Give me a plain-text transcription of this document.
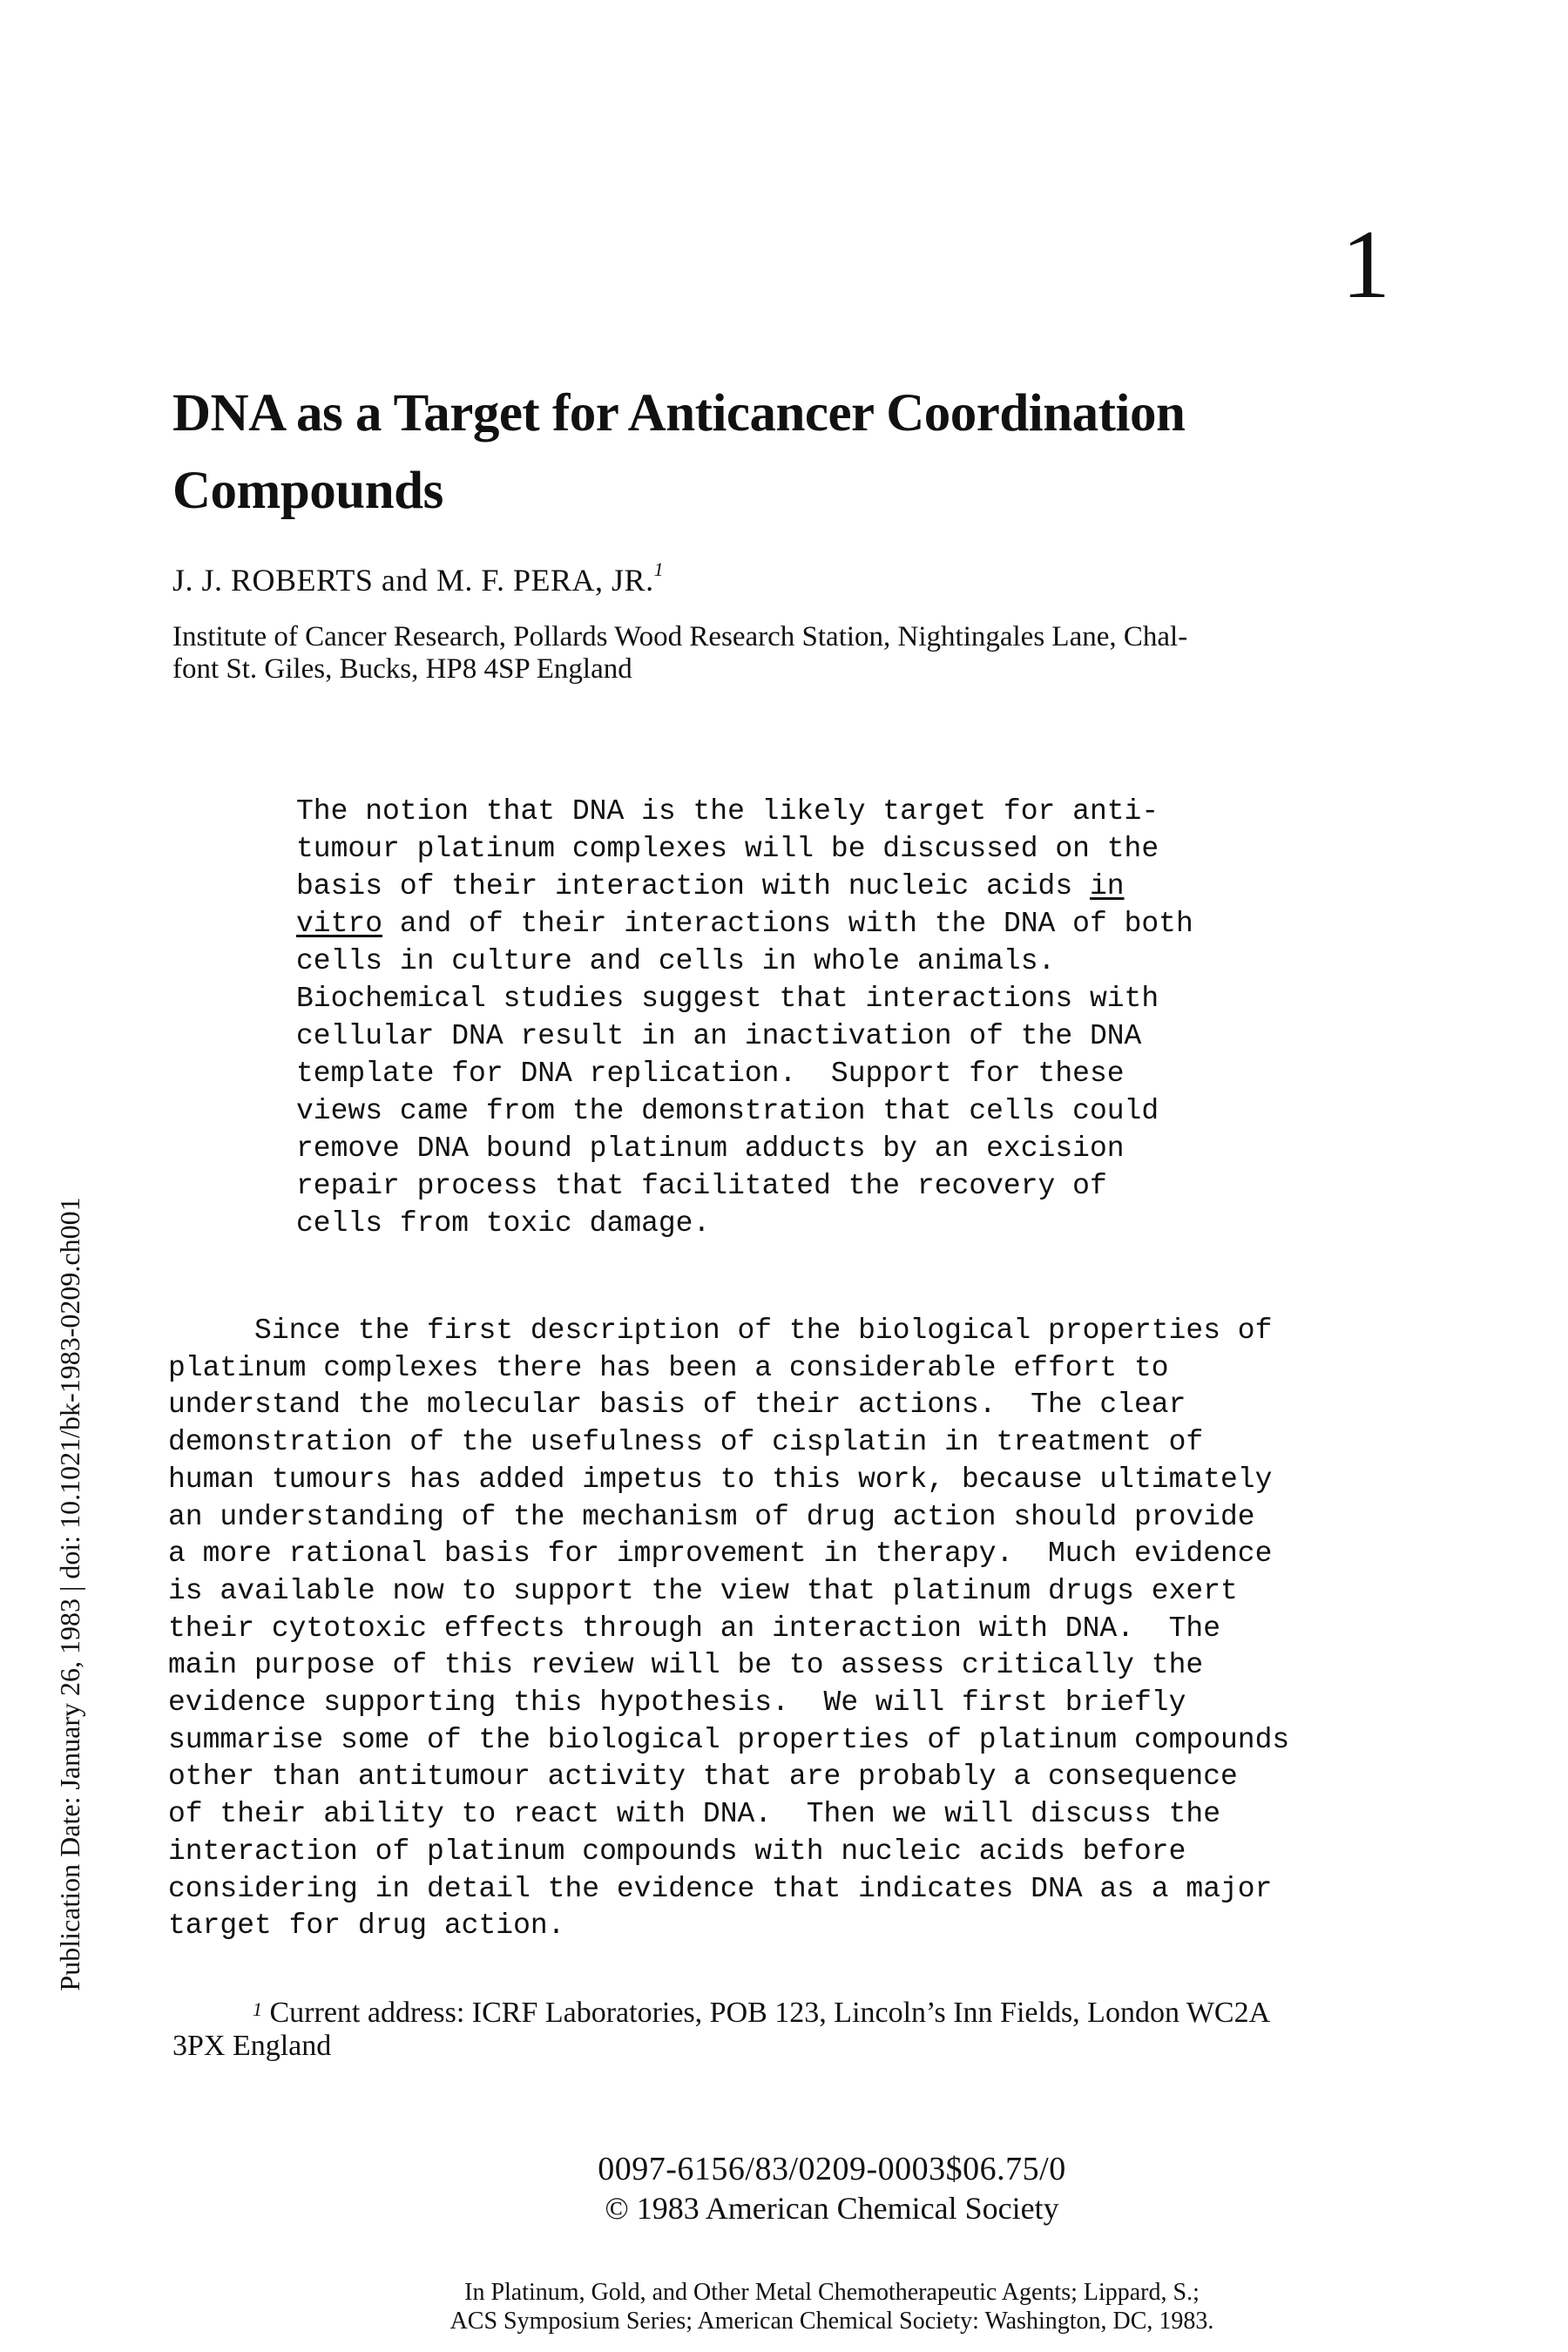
1
DNA as a Target for Anticancer Coordination
Compounds
J. J. ROBERTS and M. F. PERA, JR.$^1$
Institute of Cancer Research, Pollards Wood Research Station, Nightingales Lane, Chal-
font St. Giles, Bucks, HP8 4SP England
Publication Date: January 26, 1983 | doi: 10.1021/bk-1983-0209.ch001
The notion that DNA is the likely target for anti-
tumour platinum complexes will be discussed on the
basis of their interaction with nucleic acids in
vitro and of their interactions with the DNA of both
cells in culture and cells in whole animals.
Biochemical studies suggest that interactions with
cellular DNA result in an inactivation of the DNA
template for DNA replication.  Support for these
views came from the demonstration that cells could
remove DNA bound platinum adducts by an excision
repair process that facilitated the recovery of
cells from toxic damage.
Since the first description of the biological properties of
platinum complexes there has been a considerable effort to
understand the molecular basis of their actions.  The clear
demonstration of the usefulness of cisplatin in treatment of
human tumours has added impetus to this work, because ultimately
an understanding of the mechanism of drug action should provide
a more rational basis for improvement in therapy.  Much evidence
is available now to support the view that platinum drugs exert
their cytotoxic effects through an interaction with DNA.  The
main purpose of this review will be to assess critically the
evidence supporting this hypothesis.  We will first briefly
summarise some of the biological properties of platinum compounds
other than antitumour activity that are probably a consequence
of their ability to react with DNA.  Then we will discuss the
interaction of platinum compounds with nucleic acids before
considering in detail the evidence that indicates DNA as a major
target for drug action.
$^1$ Current address: ICRF Laboratories, POB 123, Lincoln’s Inn Fields, London WC2A
3PX England
0097-6156/83/0209-0003$06.75/0
© 1983 American Chemical Society
In Platinum, Gold, and Other Metal Chemotherapeutic Agents; Lippard, S.;
ACS Symposium Series; American Chemical Society: Washington, DC, 1983.
